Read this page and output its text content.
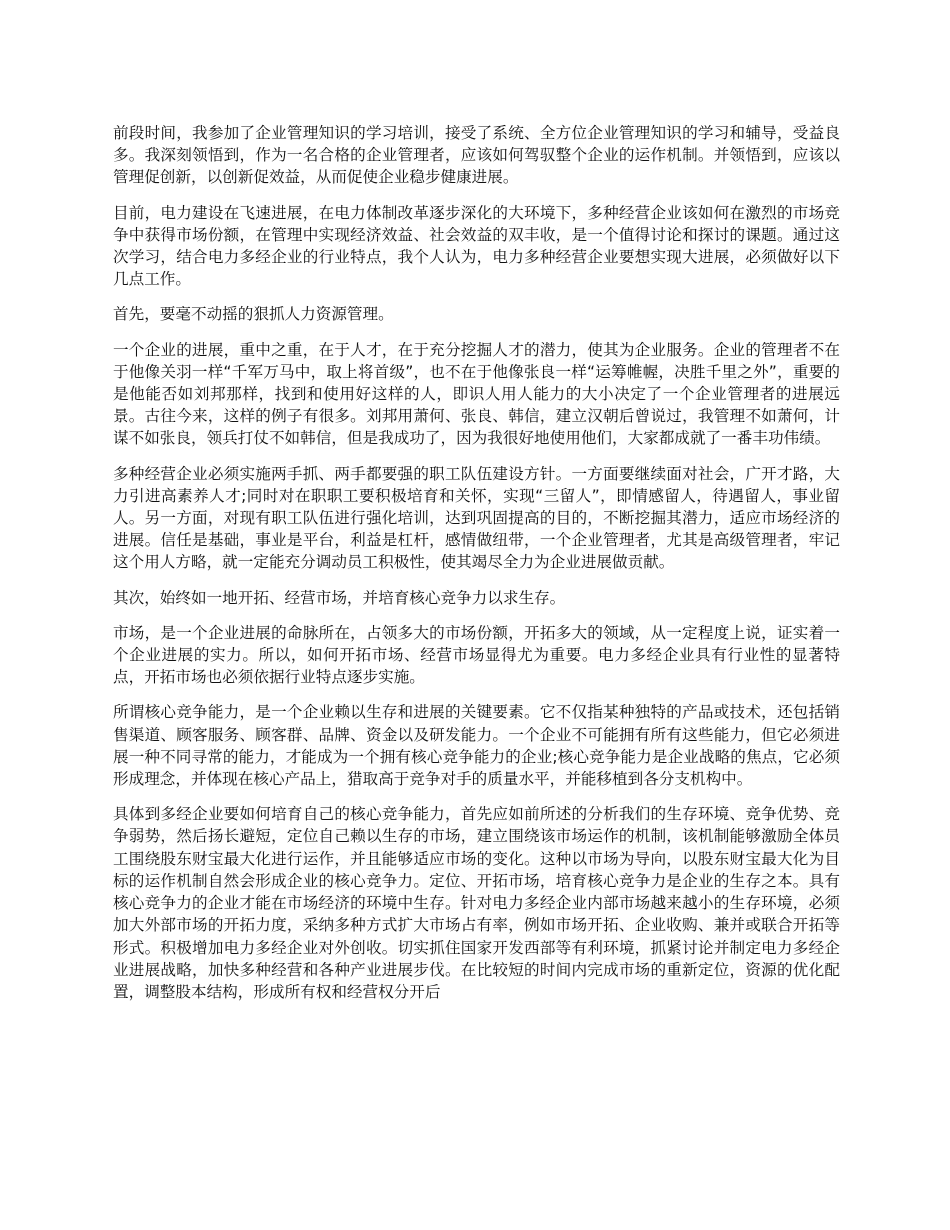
前段时间，我参加了企业管理知识的学习培训，接受了系统、全方位企业管理知识的学习和辅导，受益良多。我深刻领悟到，作为一名合格的企业管理者，应该如何驾驭整个企业的运作机制。并领悟到，应该以管理促创新，以创新促效益，从而促使企业稳步健康进展。

目前，电力建设在飞速进展，在电力体制改革逐步深化的大环境下，多种经营企业该如何在激烈的市场竞争中获得市场份额，在管理中实现经济效益、社会效益的双丰收，是一个值得讨论和探讨的课题。通过这次学习，结合电力多经企业的行业特点，我个人认为，电力多种经营企业要想实现大进展，必须做好以下几点工作。

首先，要毫不动摇的狠抓人力资源管理。

一个企业的进展，重中之重，在于人才，在于充分挖掘人才的潜力，使其为企业服务。企业的管理者不在于他像关羽一样“千军万马中，取上将首级”，也不在于他像张良一样“运筹帷幄，决胜千里之外”，重要的是他能否如刘邦那样，找到和使用好这样的人，即识人用人能力的大小决定了一个企业管理者的进展远景。古往今来，这样的例子有很多。刘邦用萧何、张良、韩信，建立汉朝后曾说过，我管理不如萧何，计谋不如张良，领兵打仗不如韩信，但是我成功了，因为我很好地使用他们，大家都成就了一番丰功伟绩。

多种经营企业必须实施两手抓、两手都要强的职工队伍建设方针。一方面要继续面对社会，广开才路，大力引进高素养人才;同时对在职职工要积极培育和关怀，实现“三留人”，即情感留人，待遇留人，事业留人。另一方面，对现有职工队伍进行强化培训，达到巩固提高的目的，不断挖掘其潜力，适应市场经济的进展。信任是基础，事业是平台，利益是杠杆，感情做纽带，一个企业管理者，尤其是高级管理者，牢记这个用人方略，就一定能充分调动员工积极性，使其竭尽全力为企业进展做贡献。

其次，始终如一地开拓、经营市场，并培育核心竞争力以求生存。

市场，是一个企业进展的命脉所在，占领多大的市场份额，开拓多大的领域，从一定程度上说，证实着一个企业进展的实力。所以，如何开拓市场、经营市场显得尤为重要。电力多经企业具有行业性的显著特点，开拓市场也必须依据行业特点逐步实施。

所谓核心竞争能力，是一个企业赖以生存和进展的关键要素。它不仅指某种独特的产品或技术，还包括销售渠道、顾客服务、顾客群、品牌、资金以及研发能力。一个企业不可能拥有所有这些能力，但它必须进展一种不同寻常的能力，才能成为一个拥有核心竞争能力的企业;核心竞争能力是企业战略的焦点，它必须形成理念，并体现在核心产品上，猎取高于竞争对手的质量水平，并能移植到各分支机构中。

具体到多经企业要如何培育自己的核心竞争能力，首先应如前所述的分析我们的生存环境、竞争优势、竞争弱势，然后扬长避短，定位自己赖以生存的市场，建立围绕该市场运作的机制，该机制能够激励全体员工围绕股东财宝最大化进行运作，并且能够适应市场的变化。这种以市场为导向，以股东财宝最大化为目标的运作机制自然会形成企业的核心竞争力。定位、开拓市场，培育核心竞争力是企业的生存之本。具有核心竞争力的企业才能在市场经济的环境中生存。针对电力多经企业内部市场越来越小的生存环境，必须加大外部市场的开拓力度，采纳多种方式扩大市场占有率，例如市场开拓、企业收购、兼并或联合开拓等形式。积极增加电力多经企业对外创收。切实抓住国家开发西部等有利环境，抓紧讨论并制定电力多经企业进展战略，加快多种经营和各种产业进展步伐。在比较短的时间内完成市场的重新定位，资源的优化配置，调整股本结构，形成所有权和经营权分开后
